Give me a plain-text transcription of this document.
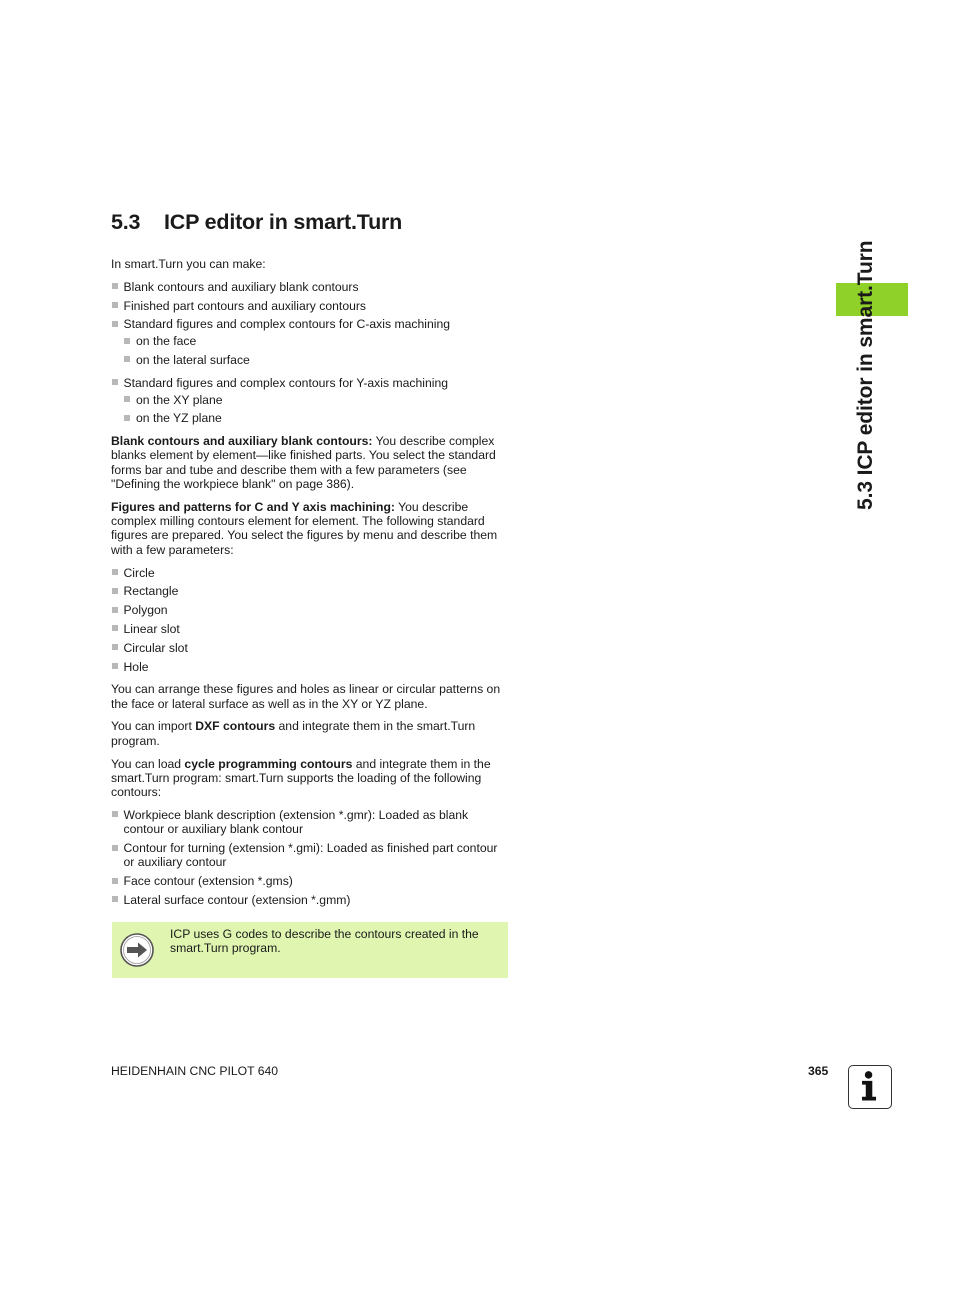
5.3 ICP editor in smart.Turn
5.3 ICP editor in smart.Turn

In smart.Turn you can make:

Blank contours and auxiliary blank contours
Finished part contours and auxiliary contours
Standard figures and complex contours for C-axis machining
on the face
on the lateral surface
Standard figures and complex contours for Y-axis machining
on the XY plane
on the YZ plane

Blank contours and auxiliary blank contours: You describe complex blanks element by element—like finished parts. You select the standard forms bar and tube and describe them with a few parameters (see "Defining the workpiece blank" on page 386).

Figures and patterns for C and Y axis machining: You describe complex milling contours element for element. The following standard figures are prepared. You select the figures by menu and describe them with a few parameters:

Circle
Rectangle
Polygon
Linear slot
Circular slot
Hole

You can arrange these figures and holes as linear or circular patterns on the face or lateral surface as well as in the XY or YZ plane.

You can import DXF contours and integrate them in the smart.Turn program.

You can load cycle programming contours and integrate them in the smart.Turn program: smart.Turn supports the loading of the following contours:

Workpiece blank description (extension *.gmr): Loaded as blank contour or auxiliary blank contour
Contour for turning (extension *.gmi): Loaded as finished part contour or auxiliary contour
Face contour (extension *.gms)
Lateral surface contour (extension *.gmm)
ICP uses G codes to describe the contours created in the smart.Turn program.
HEIDENHAIN CNC PILOT 640	365
